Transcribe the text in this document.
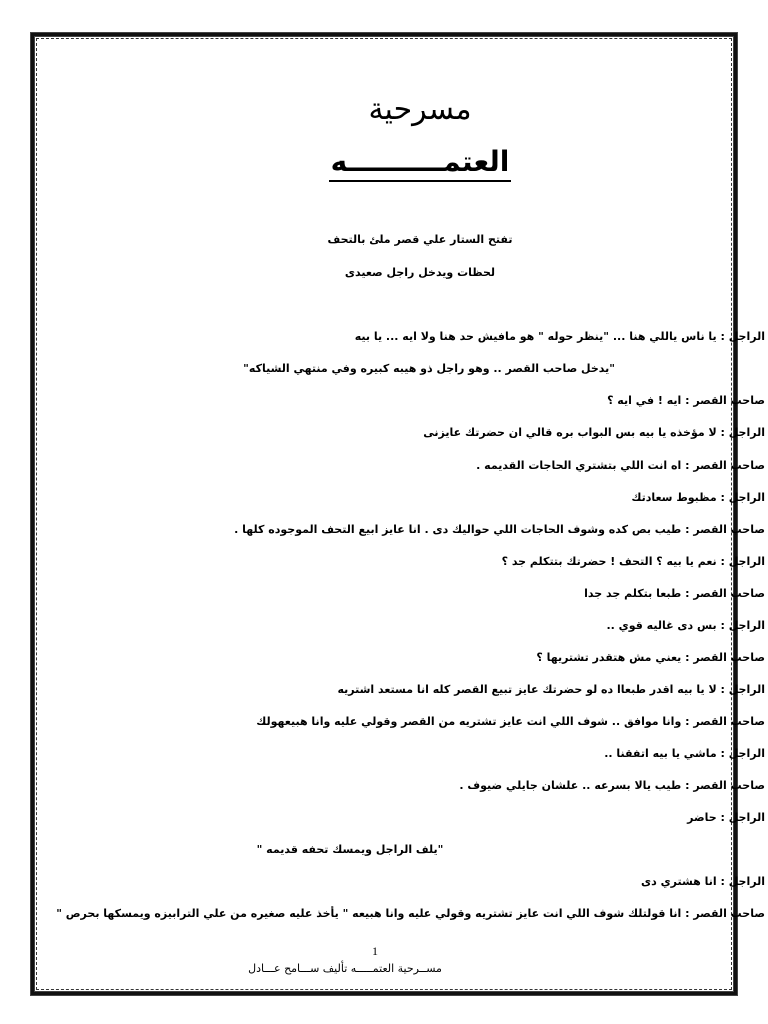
مسرحية
العتمــــــــــه
تفتح الستار علي قصر ملئ بالتحف
لحظات ويدخل راجل صعيدى
الراجل : يا ناس ياللي هنا ... "ينظر حوله " هو مافيش حد هنا ولا ايه ... يا بيه
"يدخل صاحب القصر .. وهو راجل ذو هيبه كبيره وفي منتهي الشياكه"
صاحب القصر : ايه ! في ايه ؟
الراجل : لا مؤخذه يا بيه بس البواب بره قالي ان حضرتك عايزنى
صاحب القصر : اه انت اللي بتشتري الحاجات القديمه .
الراجل : مظبوط سعادتك
صاحب القصر : طيب بص كده وشوف الحاجات اللي حواليك دى . انا عايز ابيع التحف الموجوده كلها .
الراجل : نعم يا بيه ؟ التحف ! حضرتك بتتكلم جد ؟
صاحب القصر : طبعا بتكلم جد جدا
الراجل : بس دى غاليه قوي ..
صاحب القصر : يعني مش هتقدر تشتريها ؟
الراجل : لا يا بيه اقدر طبعاا ده لو حضرتك عايز تبيع القصر كله انا مستعد اشتريه
صاحب القصر : وانا موافق .. شوف اللي انت عايز تشتريه من القصر وقولي عليه وانا هبيعهولك
الراجل : ماشي يا بيه اتفقنا ..
صاحب القصر : طيب يالا بسرعه .. علشان جايلي ضيوف .
الراجل : حاضر
"يلف الراجل ويمسك تحفه قديمه "
الراجل : انا هشتري دى
صاحب القصر : انا قولتلك شوف اللي انت عايز تشتريه وقولي عليه وانا هبيعه " يأخذ عليه صغيره من علي الترابيزه ويمسكها بحرص "
1
مســرحية العتمـــــه تأليف ســـامح عـــادل
